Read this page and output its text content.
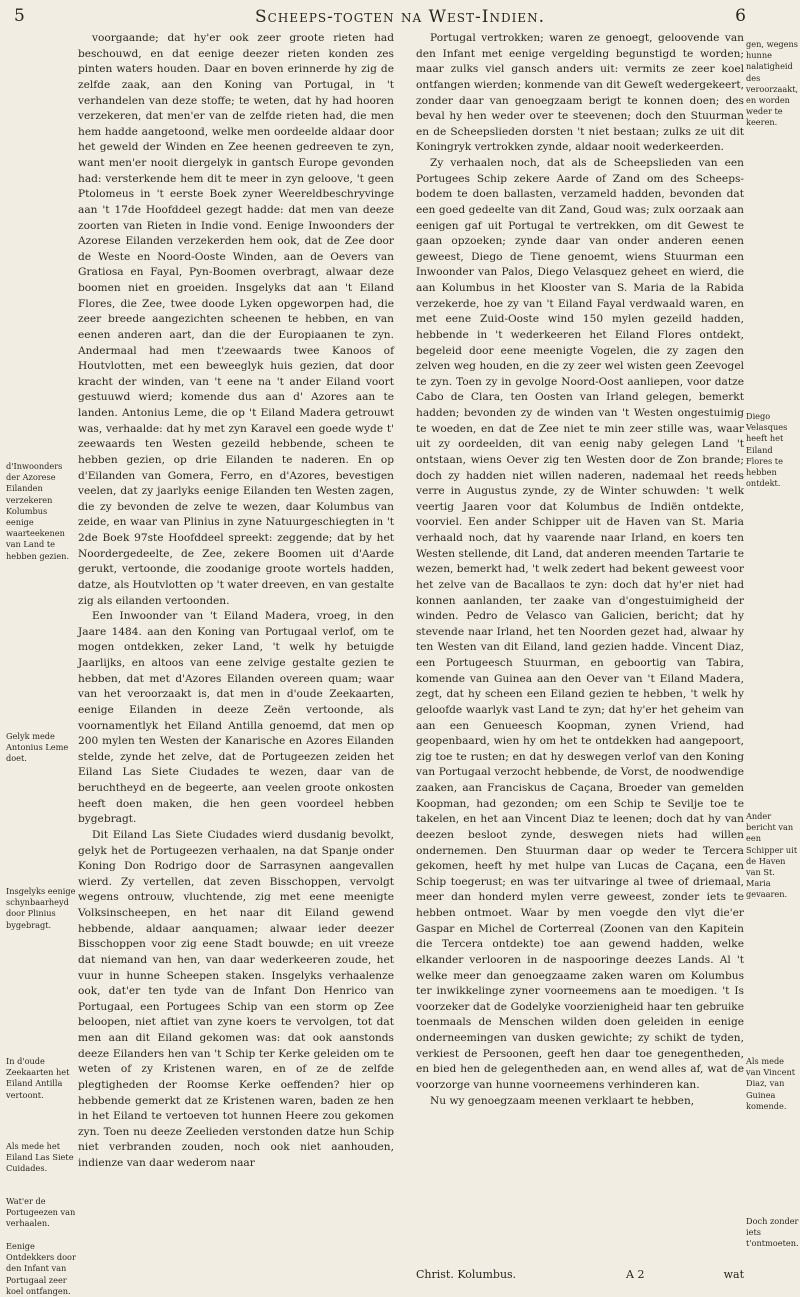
5	Scheeps-togten na West-Indien.	6
d'Inwoonders der Azorese Eilanden verzekeren Kolumbus eenige waarteekenen van Land te hebben gezien.
Gelyk mede Antonius Leme doet.
Insgelyks eenige schynbaarheyd door Plinius bygebragt.
In d'oude Zeekaarten het Eiland Antilla vertoont.
Als mede het Eiland Las Siete Cuidades.
Wat'er de Portugeezen van verhaalen.
Eenige Ontdekkers door den Infant van Portugaal zeer koel ontfangen.

voorgaande; dat hy'er ook zeer groote rieten had beschouwd, en dat eenige deezer rieten konden zes pinten waters houden. Daar en boven erinnerde hy zig de zelfde zaak, aan den Koning van Portugal, in 't verhandelen van deze stoffe; te weten, dat hy had hooren verzekeren, dat men'er van de zelfde rieten had, die men hem hadde aangetoond, welke men oordeelde aldaar door het geweld der Winden en Zee heenen gedreeven te zyn, want men'er nooit diergelyk in gantsch Europe gevonden had: versterkende hem dit te meer in zyn geloove, 't geen Ptolomeus in 't eerste Boek zyner Weereldbeschryvinge aan 't 17de Hoofddeel gezegt hadde: dat men van deeze zoorten van Rieten in Indie vond. Eenige Inwoonders der Azorese Eilanden verzekerden hem ook, dat de Zee door de Weste en Noord-Ooste Winden, aan de Oevers van Gratiosa en Fayal, Pyn-Boomen overbragt, alwaar deze boomen niet en groeiden. Insgelyks dat aan 't Eiland Flores, die Zee, twee doode Lyken opgeworpen had, die zeer breede aangezichten scheenen te hebben, en van eenen anderen aart, dan die der Europiaanen te zyn. Andermaal had men t'zeewaards twee Kanoos of Houtvlotten, met een beweeglyk huis gezien, dat door kracht der winden, van 't eene na 't ander Eiland voort gestuuwd wierd; komende dus aan d' Azores aan te landen. Antonius Leme, die op 't Eiland Madera getrouwt was, verhaalde: dat hy met zyn Karavel een goede wyde t' zeewaards ten Westen gezeild hebbende, scheen te hebben gezien, op drie Eilanden te naderen. En op d'Eilanden van Gomera, Ferro, en d'Azores, bevestigen veelen, dat zy jaarlyks eenige Eilanden ten Westen zagen, die zy bevonden de zelve te wezen, daar Kolumbus van zeide, en waar van Plinius in zyne Natuurgeschiegten in 't 2de Boek 97ste Hoofddeel spreekt: zeggende; dat by het Noordergedeelte, de Zee, zekere Boomen uit d'Aarde gerukt, vertoonde, die zoodanige groote wortels hadden, datze, als Houtvlotten op 't water dreeven, en van gestalte zig als eilanden vertoonden.

Een Inwoonder van 't Eiland Madera, vroeg, in den Jaare 1484. aan den Koning van Portugaal verlof, om te mogen ontdekken, zeker Land, 't welk hy betuigde Jaarlijks, en altoos van eene zelvige gestalte gezien te hebben, dat met d'Azores Eilanden overeen quam; waar van het veroorzaakt is, dat men in d'oude Zeekaarten, eenige Eilanden in deeze Zeën vertoonde, als voornamentlyk het Eiland Antilla genoemd, dat men op 200 mylen ten Westen der Kanarische en Azores Eilanden stelde, zynde het zelve, dat de Portugeezen zeiden het Eiland Las Siete Ciudades te wezen, daar van de beruchtheyd en de begeerte, aan veelen groote onkosten heeft doen maken, die hen geen voordeel hebben bygebragt.

Dit Eiland Las Siete Ciudades wierd dusdanig bevolkt, gelyk het de Portugeezen verhaalen, na dat Spanje onder Koning Don Rodrigo door de Sarrasynen aangevallen wierd. Zy vertellen, dat zeven Bisschoppen, vervolgt wegens ontrouw, vluchtende, zig met eene meenigte Volksinscheepen, en het naar dit Eiland gewend hebbende, aldaar aanquamen; alwaar ieder deezer Bisschoppen voor zig eene Stadt bouwde; en uit vreeze dat niemand van hen, van daar wederkeeren zoude, het vuur in hunne Scheepen staken. Insgelyks verhaalenze ook, dat'er ten tyde van de Infant Don Henrico van Portugaal, een Portugees Schip van een storm op Zee beloopen, niet aftiet van zyne koers te vervolgen, tot dat men aan dit Eiland gekomen was: dat ook aanstonds deeze Eilanders hen van 't Schip ter Kerke geleiden om te weten of zy Kristenen waren, en of ze de zelfde plegtigheden der Roomse Kerke oeffenden? hier op hebbende gemerkt dat ze Kristenen waren, baden ze hen in het Eiland te vertoeven tot hunnen Heere zou gekomen zyn. Toen nu deeze Zeelieden verstonden datze hun Schip niet verbranden zouden, noch ook niet aanhouden, indienze van daar wederom naar

Portugal vertrokken; waren ze genoegt, geloovende van den Infant met eenige vergelding begunstigd te worden; maar zulks viel gansch anders uit: vermits ze zeer koel ontfangen wierden; konmende van dit Geweſt wedergekeert, zonder daar van genoegzaam berigt te konnen doen; des beval hy hen weder over te steevenen; doch den Stuurman en de Scheepslieden dorsten 't niet bestaan; zulks ze uit dit Koningryk vertrokken zynde, aldaar nooit wederkeerden.

Zy verhaalen noch, dat als de Scheepslieden van een Portugees Schip zekere Aarde of Zand om des Scheeps-bodem te doen ballasten, verzameld hadden, bevonden dat een goed gedeelte van dit Zand, Goud was; zulx oorzaak aan eenigen gaf uit Portugal te vertrekken, om dit Gewest te gaan opzoeken; zynde daar van onder anderen eenen geweest, Diego de Tiene genoemt, wiens Stuurman een Inwoonder van Palos, Diego Velasquez geheet en wierd, die aan Kolumbus in het Klooster van S. Maria de la Rabida verzekerde, hoe zy van 't Eiland Fayal verdwaald waren, en met eene Zuid-Ooste wind 150 mylen gezeild hadden, hebbende in 't wederkeeren het Eiland Flores ontdekt, begeleid door eene meenigte Vogelen, die zy zagen den zelven weg houden, en die zy zeer wel wisten geen Zeevogel te zyn. Toen zy in gevolge Noord-Oost aanliepen, voor datze Cabo de Clara, ten Oosten van Irland gelegen, bemerkt hadden; bevonden zy de winden van 't Westen ongestuimig te woeden, en dat de Zee niet te min zeer stille was, waar uit zy oordeelden, dit van eenig naby gelegen Land 't ontstaan, wiens Oever zig ten Westen door de Zon brande; doch zy hadden niet willen naderen, nademaal het reeds verre in Augustus zynde, zy de Winter schuwden: 't welk veertig Jaaren voor dat Kolumbus de Indiën ontdekte, voorviel. Een ander Schipper uit de Haven van St. Maria verhaald noch, dat hy vaarende naar Irland, en koers ten Westen stellende, dit Land, dat anderen meenden Tartarie te wezen, bemerkt had, 't welk zedert had bekent geweest voor het zelve van de Bacallaos te zyn: doch dat hy'er niet had konnen aanlanden, ter zaake van d'ongestuimigheid der winden. Pedro de Velasco van Galicien, bericht; dat hy stevende naar Irland, het ten Noorden gezet had, alwaar hy ten Westen van dit Eiland, land gezien hadde. Vincent Diaz, een Portugeesch Stuurman, en geboortig van Tabira, komende van Guinea aan den Oever van 't Eiland Madera, zegt, dat hy scheen een Eiland gezien te hebben, 't welk hy geloofde waarlyk vast Land te zyn; dat hy'er het geheim van aan een Genueesch Koopman, zynen Vriend, had geopenbaard, wien hy om het te ontdekken had aangepoort, zig toe te rusten; en dat hy deswegen verlof van den Koning van Portugaal verzocht hebbende, de Vorst, de noodwendige zaaken, aan Franciskus de Caçana, Broeder van gemelden Koopman, had gezonden; om een Schip te Sevilje toe te takelen, en het aan Vincent Diaz te leenen; doch dat hy van deezen besloot zynde, deswegen niets had willen ondernemen. Den Stuurman daar op weder te Tercera gekomen, heeft hy met hulpe van Lucas de Caçana, een Schip toegerust; en was ter uitvaringe al twee of driemaal, meer dan honderd mylen verre geweest, zonder iets te hebben ontmoet. Waar by men voegde den vlyt die'er Gaspar en Michel de Corterreal (Zoonen van den Kapitein die Tercera ontdekte) toe aan gewend hadden, welke elkander verlooren in de naspooringe deezes Lands. Al 't welke meer dan genoegzaame zaken waren om Kolumbus ter inwikkelinge zyner voorneemens aan te moedigen. 't Is voorzeker dat de Godelyke voorzienigheid haar ten gebruike toenmaals de Menschen wilden doen geleiden in eenige onderneemingen van dusken gewichte; zy schikt de tyden, verkiest de Persoonen, geeft hen daar toe genegentheden, en bied hen de gelegentheden aan, en wend alles af, wat de voorzorge van hunne voorneemens verhinderen kan.

Nu wy genoegzaam meenen verklaart te hebben,

gen, wegens hunne nalatigheid des veroorzaakt, en worden weder te keeren.
Diego Velasques heeft het Eiland Flores te hebben ontdekt.
Ander bericht van een Schipper uit de Haven van St. Maria gevaaren.
Als mede van Vincent Diaz, van Guinea komende.
Doch zonder iets t'ontmoeten.
Christ. Kolumbus.	A 2	wat
